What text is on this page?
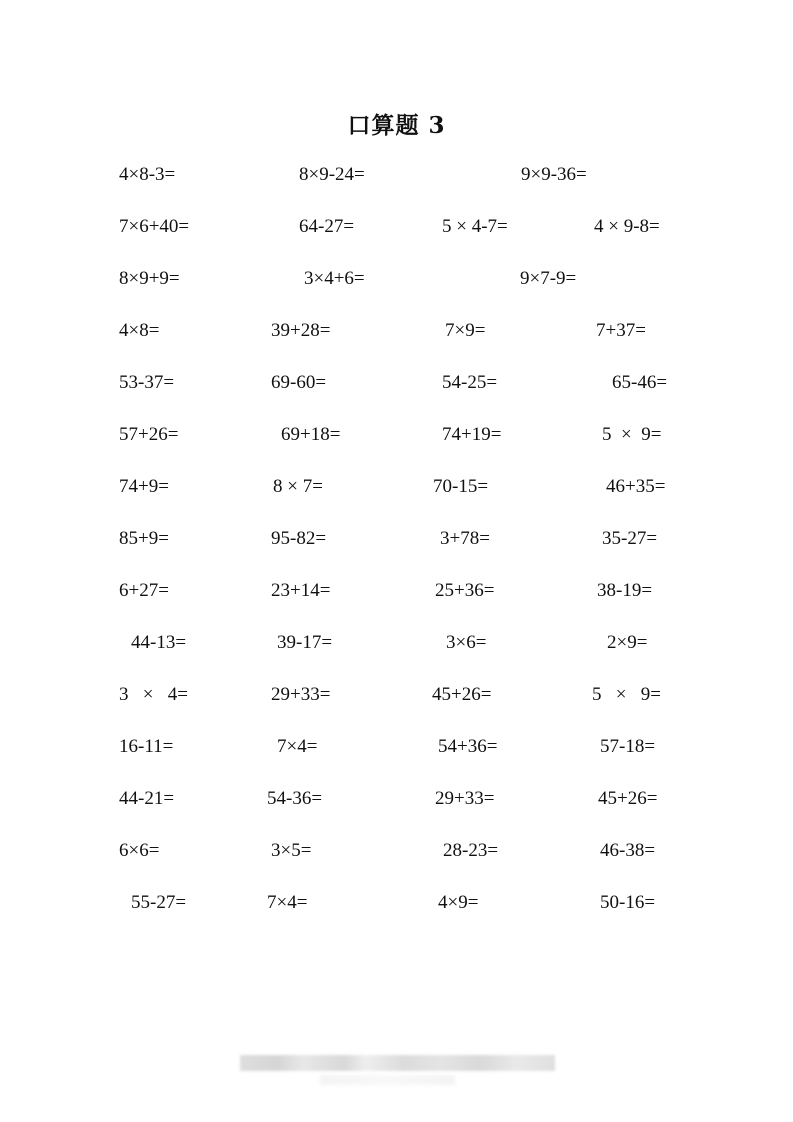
口算题 3
4×8-3=	8×9-24=	9×9-36=
7×6+40=	64-27=	5 × 4-7=	4 × 9-8=
8×9+9=	3×4+6=	9×7-9=
4×8=	39+28=	7×9=	7+37=
53-37=	69-60=	54-25=	65-46=
57+26=	69+18=	74+19=	5  ×  9=
74+9=	8 × 7=	70-15=	46+35=
85+9=	95-82=	3+78=	35-27=
6+27=	23+14=	25+36=	38-19=
44-13=	39-17=	3×6=	2×9=
3   ×   4=	29+33=	45+26=	5   ×   9=
16-11=	7×4=	54+36=	57-18=
44-21=	54-36=	29+33=	45+26=
6×6=	3×5=	28-23=	46-38=
55-27=	7×4=	4×9=	50-16=
